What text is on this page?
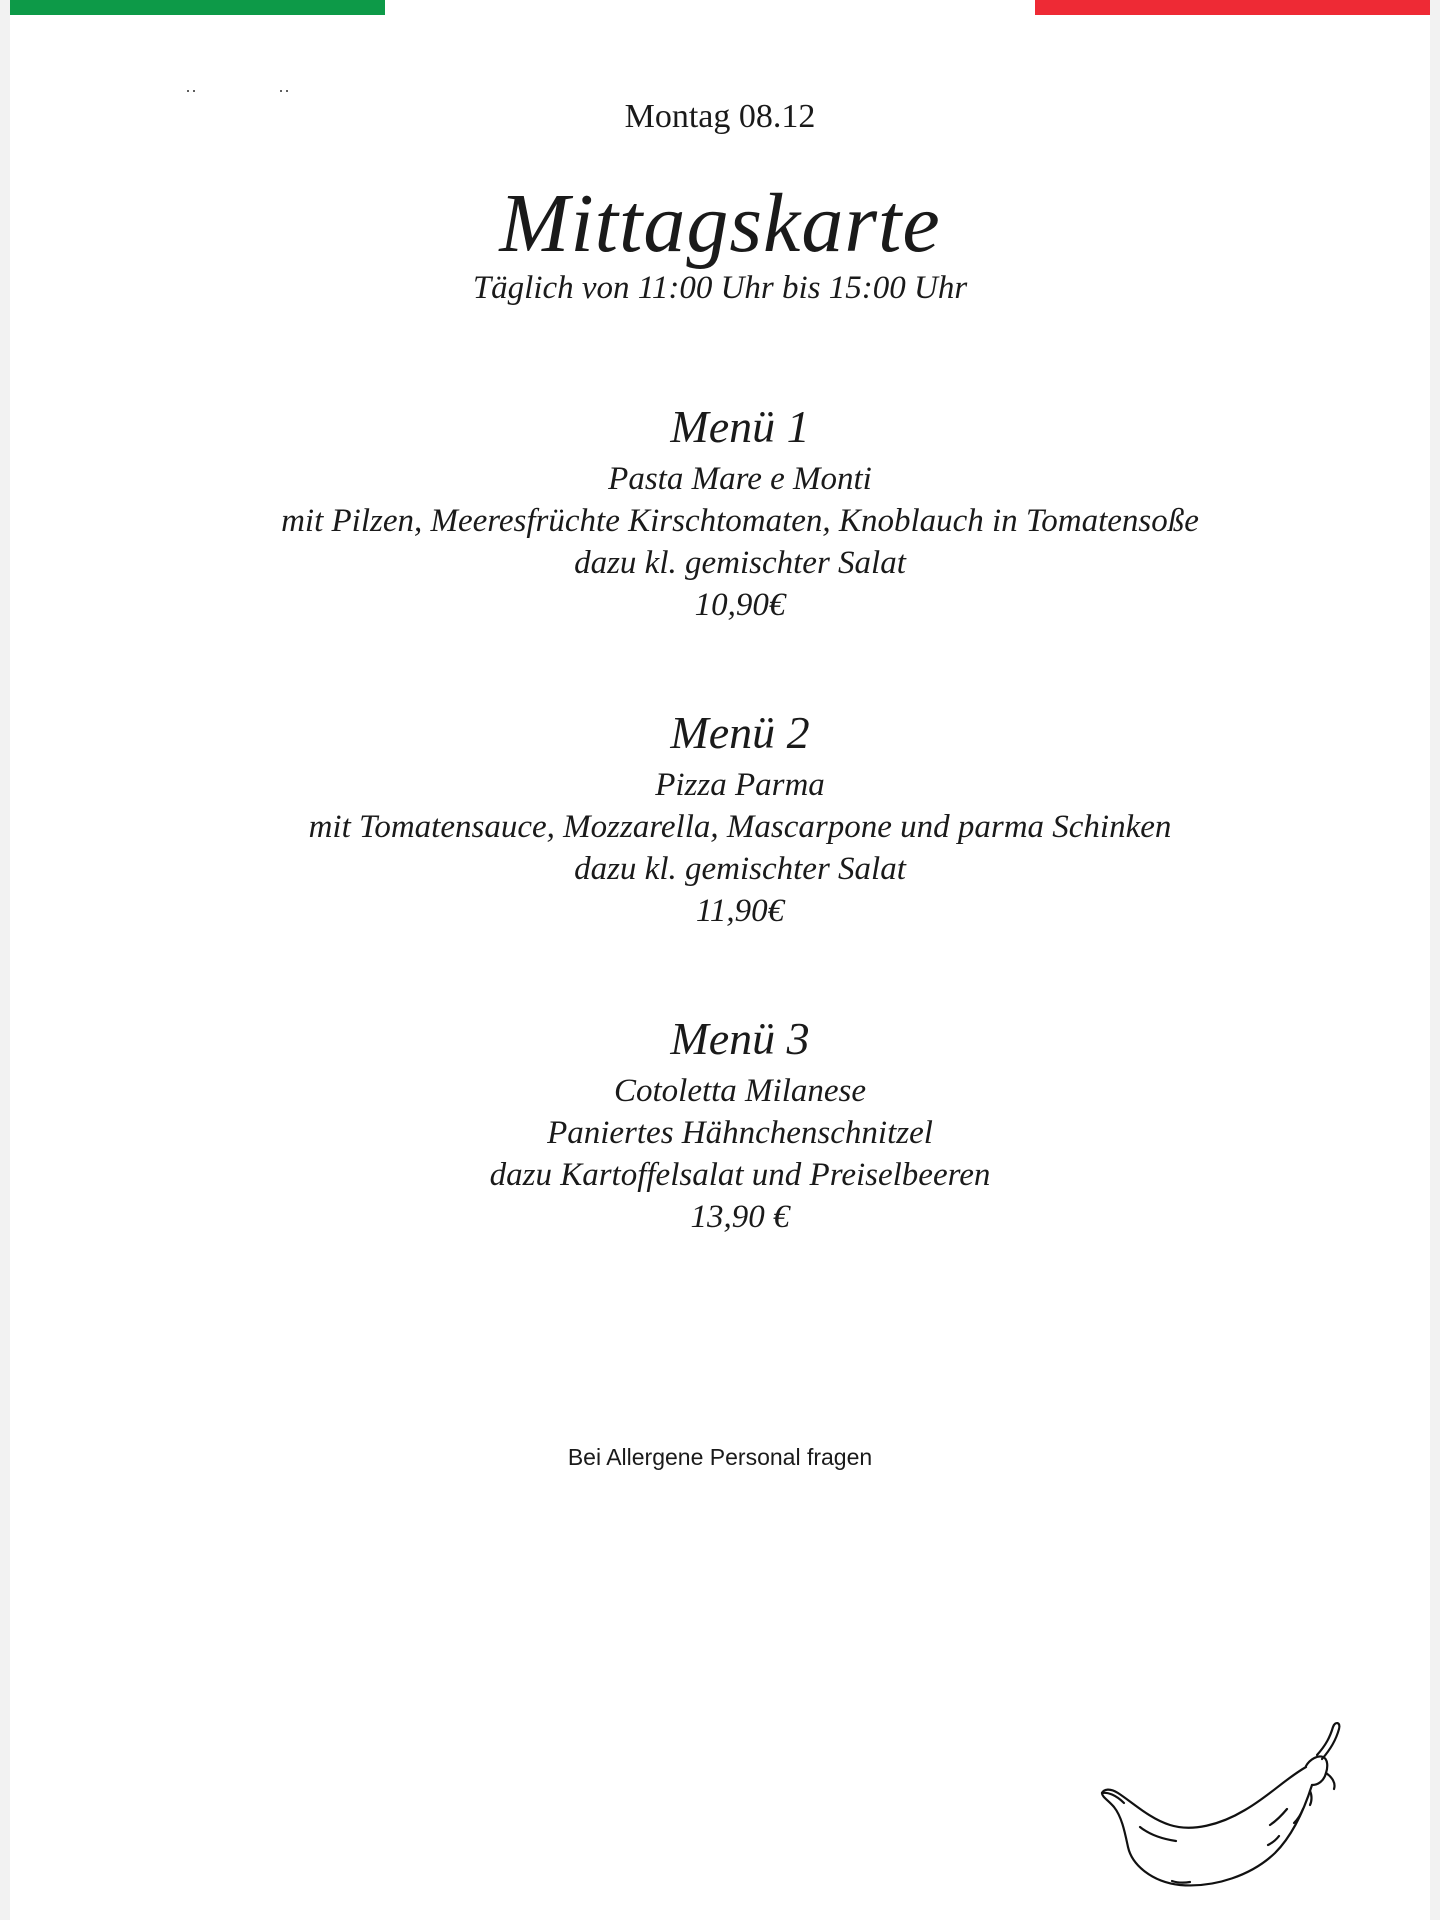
‥	‥
Montag 08.12
Mittagskarte
Täglich von 11:00 Uhr bis 15:00 Uhr
Menü 1
Pasta Mare e Monti
mit Pilzen, Meeresfrüchte Kirschtomaten, Knoblauch in Tomatensoße
dazu kl. gemischter Salat
10,90€
Menü 2
Pizza Parma
mit Tomatensauce, Mozzarella, Mascarpone und parma Schinken
dazu kl. gemischter Salat
11,90€
Menü 3
Cotoletta Milanese
Paniertes Hähnchenschnitzel
dazu Kartoffelsalat und Preiselbeeren
13,90 €
Bei Allergene Personal fragen
